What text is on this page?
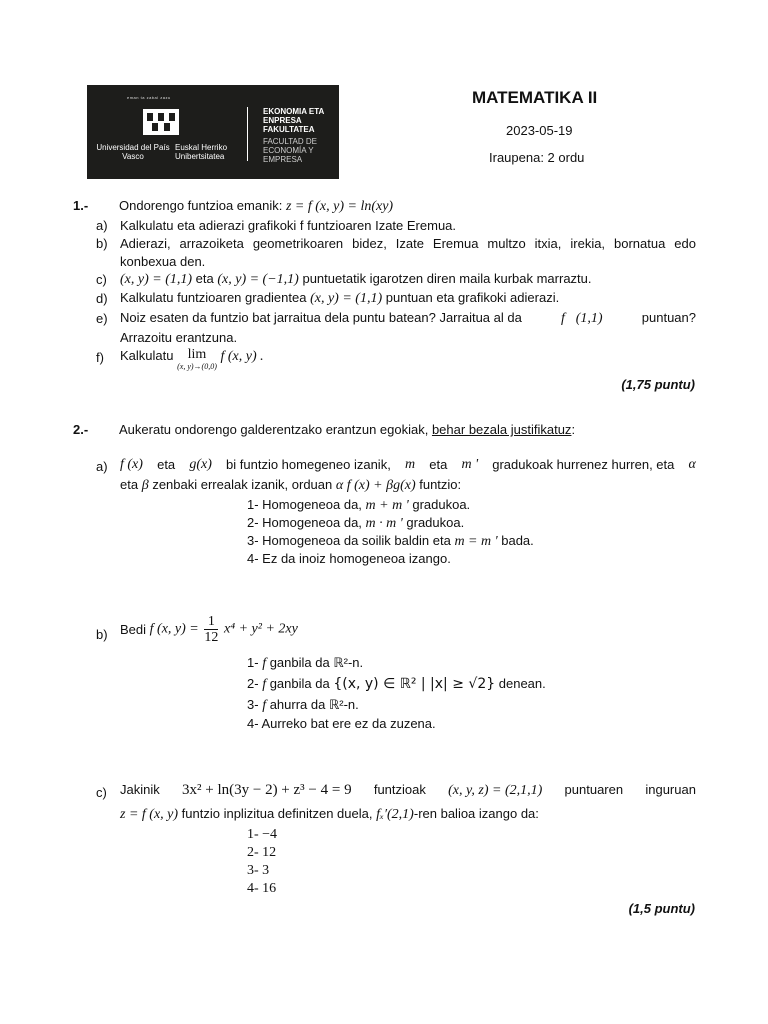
eman ta zabal zazu
Universidad del País Vasco
Euskal Herriko Unibertsitatea
EKONOMIA ETA ENPRESA FAKULTATEA
FACULTAD DE ECONOMÍA Y EMPRESA
MATEMATIKA II
2023-05-19
Iraupena: 2 ordu
1.- Ondorengo funtzioa emanik: z = f (x, y) = ln(xy)
a) Kalkulatu eta adierazi grafikoki f funtzioaren Izate Eremua.
b) Adierazi, arrazoiketa geometrikoaren bidez, Izate Eremua multzo itxia, irekia, bornatua edo
konbexua den.
c) (x, y) = (1,1) eta (x, y) = (−1,1) puntuetatik igarotzen diren maila kurbak marraztu.
d) Kalkulatu funtzioaren gradientea (x, y) = (1,1) puntuan eta grafikoki adierazi.
e) Noiz esaten da funtzio bat jarraitua dela puntu batean? Jarraitua al da	f (1,1)	puntuan?
Arrazoitu erantzuna.
f) Kalkulatu lim
(x, y)→(0,0)
f (x, y) .
(1,75 puntu)
2.- Aukeratu ondorengo galderentzako erantzun egokiak, behar bezala justifikatuz:
a) f (x) eta g(x) bi funtzio homegeneo izanik, m eta m ' gradukoak hurrenez hurren, eta α
eta β zenbaki errealak izanik, orduan α f (x) + βg(x) funtzio:
1- Homogeneoa da, m + m ' gradukoa.
2- Homogeneoa da, m · m ' gradukoa.
3- Homogeneoa da soilik baldin eta m = m ' bada.
4- Ez da inoiz homogeneoa izango.
b) Bedi f (x, $y) = \frac{1}{12} x^4 + y^2 + 2xy$
1- f ganbila da ℝ²-n.
2- f ganbila da {(x, y) ∈ ℝ² | |x| ≥ √2} denean.
3- f ahurra da ℝ²-n.
4- Aurreko bat ere ez da zuzena.
c) Jakinik 3x² + ln(3y − 2) + z³ − 4 = 9 funtzioak (x, y, z) = (2,1,1) puntuaren inguruan
z = f (x, y) funtzio inplizitua definitzen duela, fₓ′(2,1)-ren balioa izango da:
1- −4
2- 12
3- 3
4- 16
(1,5 puntu)
